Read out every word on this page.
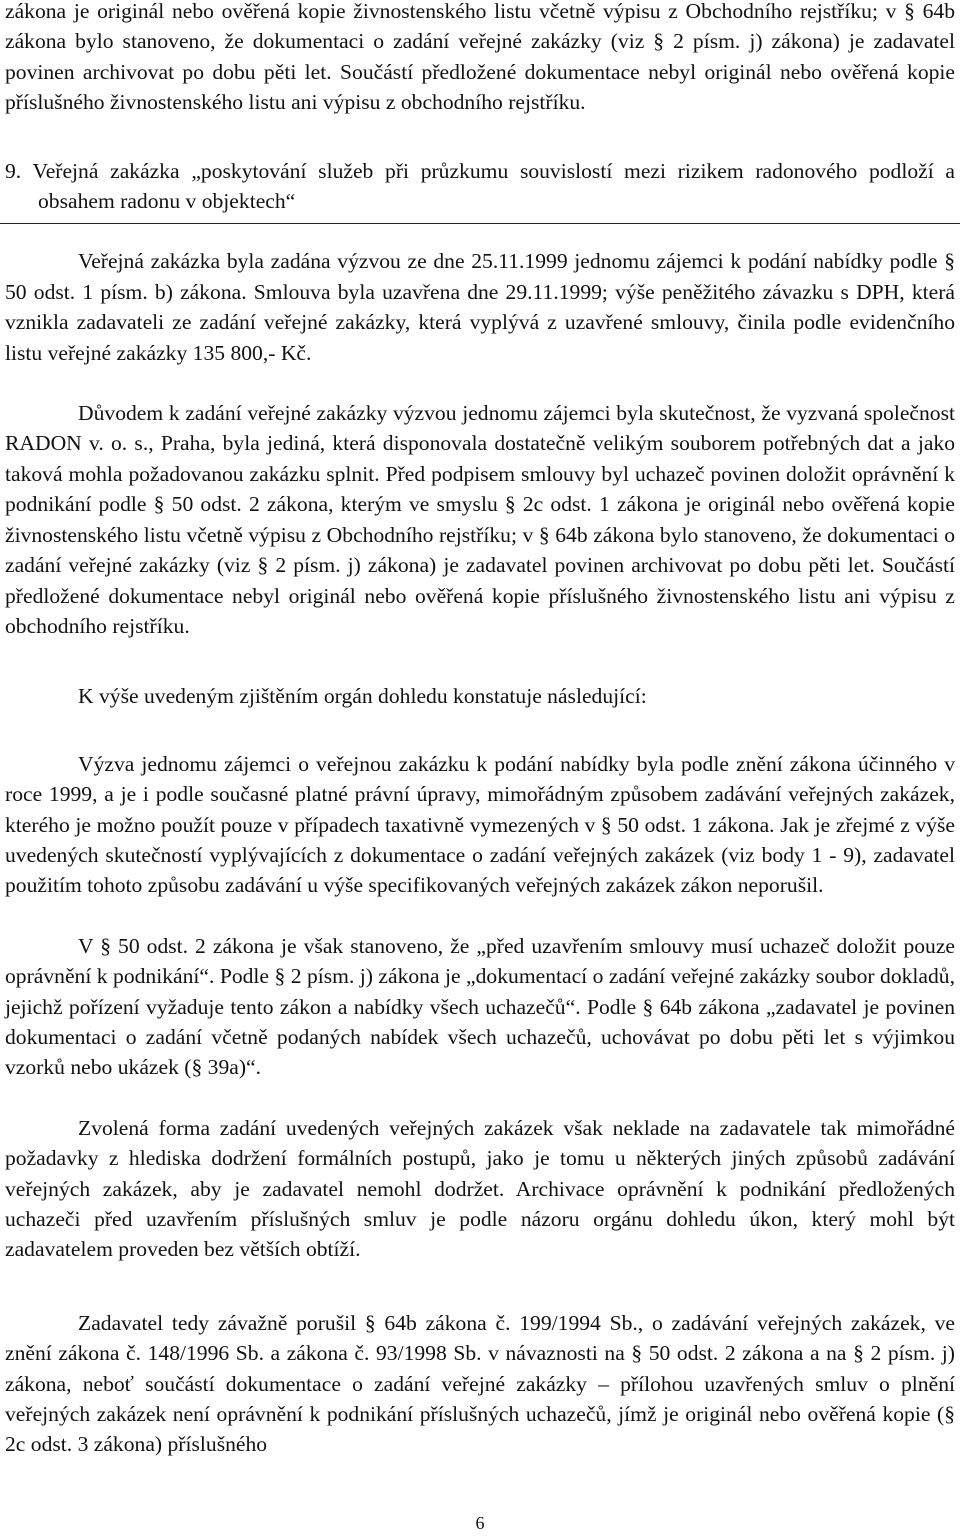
zákona je originál nebo ověřená kopie živnostenského listu včetně výpisu z Obchodního rejstříku; v § 64b zákona bylo stanoveno, že dokumentaci o zadání veřejné zakázky (viz § 2 písm. j) zákona) je zadavatel povinen archivovat po dobu pěti let. Součástí předložené dokumentace nebyl originál nebo ověřená kopie příslušného živnostenského listu ani výpisu z obchodního rejstříku.

9. Veřejná zakázka „poskytování služeb při průzkumu souvislostí mezi rizikem radonového podloží a obsahem radonu v objektech“

Veřejná zakázka byla zadána výzvou ze dne 25.11.1999 jednomu zájemci k podání nabídky podle § 50 odst. 1 písm. b) zákona. Smlouva byla uzavřena dne 29.11.1999; výše peněžitého závazku s DPH, která vznikla zadavateli ze zadání veřejné zakázky, která vyplývá z uzavřené smlouvy, činila podle evidenčního listu veřejné zakázky 135 800,- Kč.

Důvodem k zadání veřejné zakázky výzvou jednomu zájemci byla skutečnost, že vyzvaná společnost RADON v. o. s., Praha, byla jediná, která disponovala dostatečně velikým souborem potřebných dat a jako taková mohla požadovanou zakázku splnit. Před podpisem smlouvy byl uchazeč povinen doložit oprávnění k podnikání podle § 50 odst. 2 zákona, kterým ve smyslu § 2c odst. 1 zákona je originál nebo ověřená kopie živnostenského listu včetně výpisu z Obchodního rejstříku; v § 64b zákona bylo stanoveno, že dokumentaci o zadání veřejné zakázky (viz § 2 písm. j) zákona) je zadavatel povinen archivovat po dobu pěti let. Součástí předložené dokumentace nebyl originál nebo ověřená kopie příslušného živnostenského listu ani výpisu z obchodního rejstříku.

K výše uvedeným zjištěním orgán dohledu konstatuje následující:

Výzva jednomu zájemci o veřejnou zakázku k podání nabídky byla podle znění zákona účinného v roce 1999, a je i podle současné platné právní úpravy, mimořádným způsobem zadávání veřejných zakázek, kterého je možno použít pouze v případech taxativně vymezených v § 50 odst. 1 zákona. Jak je zřejmé z výše uvedených skutečností vyplývajících z dokumentace o zadání veřejných zakázek (viz body 1 - 9), zadavatel použitím tohoto způsobu zadávání u výše specifikovaných veřejných zakázek zákon neporušil.

V § 50 odst. 2 zákona je však stanoveno, že „před uzavřením smlouvy musí uchazeč doložit pouze oprávnění k podnikání“. Podle § 2 písm. j) zákona je „dokumentací o zadání veřejné zakázky soubor dokladů, jejichž pořízení vyžaduje tento zákon a nabídky všech uchazečů“. Podle § 64b zákona „zadavatel je povinen dokumentaci o zadání včetně podaných nabídek všech uchazečů, uchovávat po dobu pěti let s výjimkou vzorků nebo ukázek (§ 39a)“.

Zvolená forma zadání uvedených veřejných zakázek však neklade na zadavatele tak mimořádné požadavky z hlediska dodržení formálních postupů, jako je tomu u některých jiných způsobů zadávání veřejných zakázek, aby je zadavatel nemohl dodržet. Archivace oprávnění k podnikání předložených uchazeči před uzavřením příslušných smluv je podle názoru orgánu dohledu úkon, který mohl být zadavatelem proveden bez větších obtíží.

Zadavatel tedy závažně porušil § 64b zákona č. 199/1994 Sb., o zadávání veřejných zakázek, ve znění zákona č. 148/1996 Sb. a zákona č. 93/1998 Sb. v návaznosti na § 50 odst. 2 zákona a na § 2 písm. j) zákona, neboť součástí dokumentace o zadání veřejné zakázky – přílohou uzavřených smluv o plnění veřejných zakázek není oprávnění k podnikání příslušných uchazečů, jímž je originál nebo ověřená kopie (§ 2c odst. 3 zákona) příslušného

6
